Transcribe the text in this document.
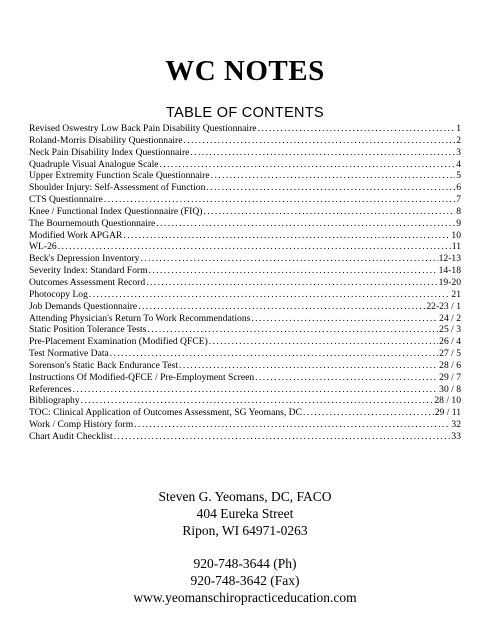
WC NOTES
TABLE OF CONTENTS
Revised Oswestry Low Back Pain Disability Questionnaire .....	1
Roland-Morris Disability Questionnaire .....	2
Neck Pain Disability Index Questionnaire .....	3
Quadruple Visual Analogue Scale .....	4
Upper Extremity Function Scale Questionnaire .....	5
Shoulder Injury: Self-Assessment of Function .....	6
CTS Questionnaire .....	7
Knee / Functional Index Questionnaire (FIQ) .....	8
The Bournemouth Questionnaire .....	9
Modified Work APGAR .....	10
WL-26 .....	11
Beck's Depression Inventory .....	12-13
Severity Index: Standard Form .....	14-18
Outcomes Assessment Record .....	19-20
Photocopy Log .....	21
Job Demands Questionnaire .....	22-23 / 1
Attending Physician's Return To Work Recommendations .....	24 / 2
Static Position Tolerance Tests .....	25 / 3
Pre-Placement Examination (Modified QFCE) .....	26 / 4
Test Normative Data .....	27 / 5
Sorenson's Static Back Endurance Test .....	28 / 6
Instructions Of Modified-QFCE / Pre-Employment Screen .....	29 / 7
References .....	30 / 8
Bibliography .....	28 / 10
TOC: Clinical Application of Outcomes Assessment, SG Yeomans, DC .....	29 / 11
Work / Comp History form .....	32
Chart Audit Checklist .....	33
Steven G. Yeomans, DC, FACO
404 Eureka Street
Ripon, WI 64971-0263
920-748-3644 (Ph)
920-748-3642 (Fax)
www.yeomanschiropracticeducation.com
